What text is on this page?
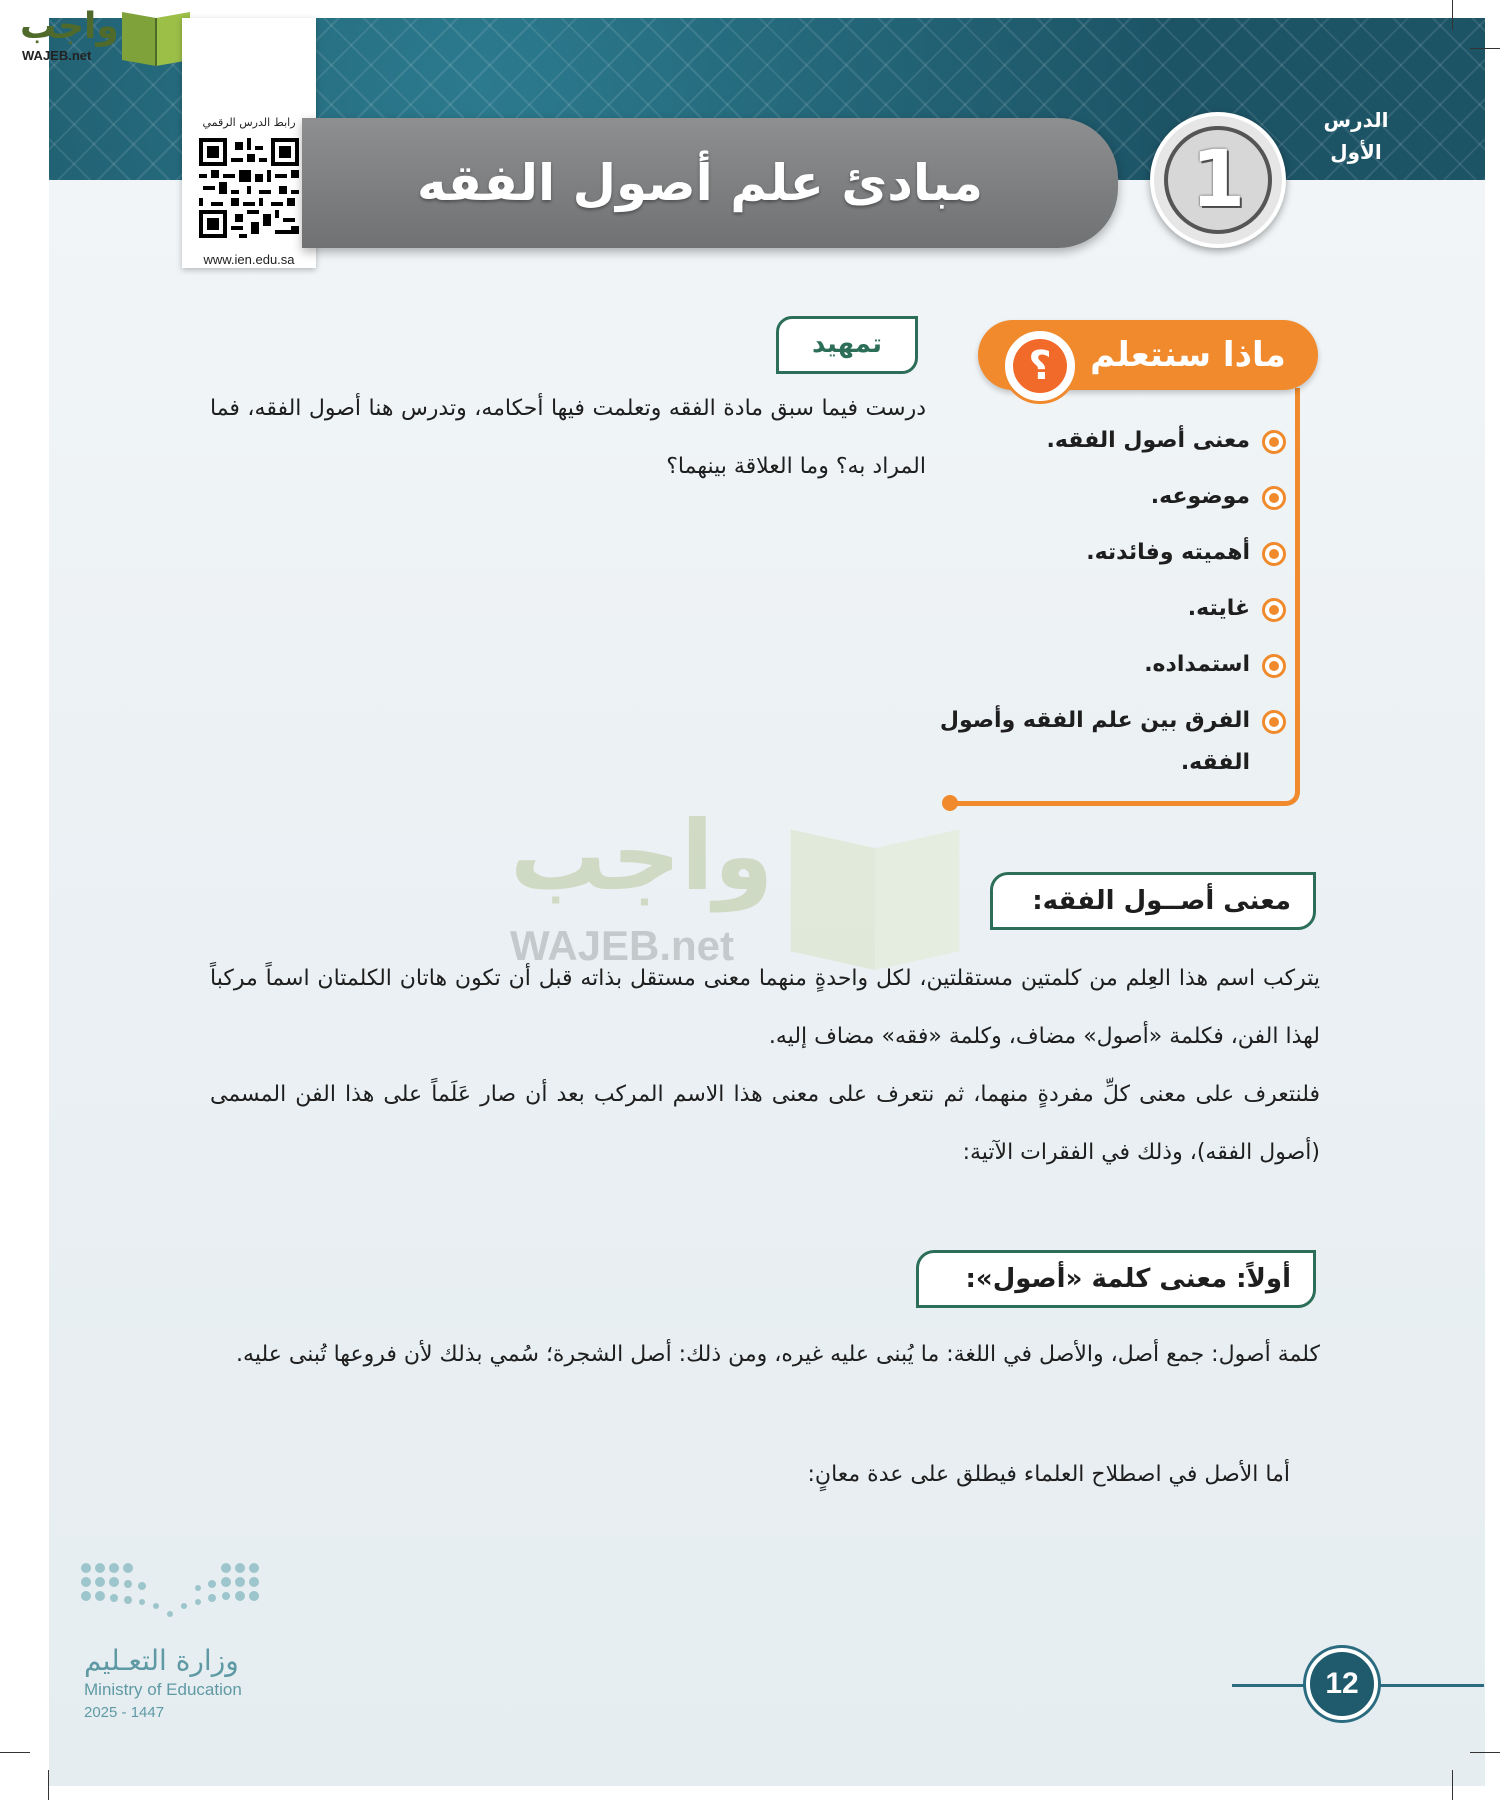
واجب
WAJEB.net
رابط الدرس الرقمي
www.ien.edu.sa
مبادئ علم أصول الفقه	1
الدرس
الأول
ماذا سنتعلم
؟
معنى أصول الفقه.
موضوعه.
أهميته وفائدته.
غايته.
استمداده.
الفرق بين علم الفقه وأصول الفقه.
تمهيد
درست فيما سبق مادة الفقه وتعلمت فيها أحكامه، وتدرس هنا أصول الفقه، فما المراد به؟ وما العلاقة بينهما؟
واجب
WAJEB.net
معنى أصــول الفقه:
يتركب اسم هذا العِلم من كلمتين مستقلتين، لكل واحدةٍ منهما معنى مستقل بذاته قبل أن تكون هاتان الكلمتان اسماً مركباً لهذا الفن، فكلمة «أصول» مضاف، وكلمة «فقه» مضاف إليه.
فلنتعرف على معنى كلِّ مفردةٍ منهما، ثم نتعرف على معنى هذا الاسم المركب بعد أن صار عَلَماً على هذا الفن المسمى (أصول الفقه)، وذلك في الفقرات الآتية:
أولاً: معنى كلمة «أصول»:
كلمة أصول: جمع أصل، والأصل في اللغة: ما يُبنى عليه غيره، ومن ذلك: أصل الشجرة؛ سُمي بذلك لأن فروعها تُبنى عليه.
أما الأصل في اصطلاح العلماء فيطلق على عدة معانٍ:
وزارة التعـليم
Ministry of Education
2025 - 1447
12
